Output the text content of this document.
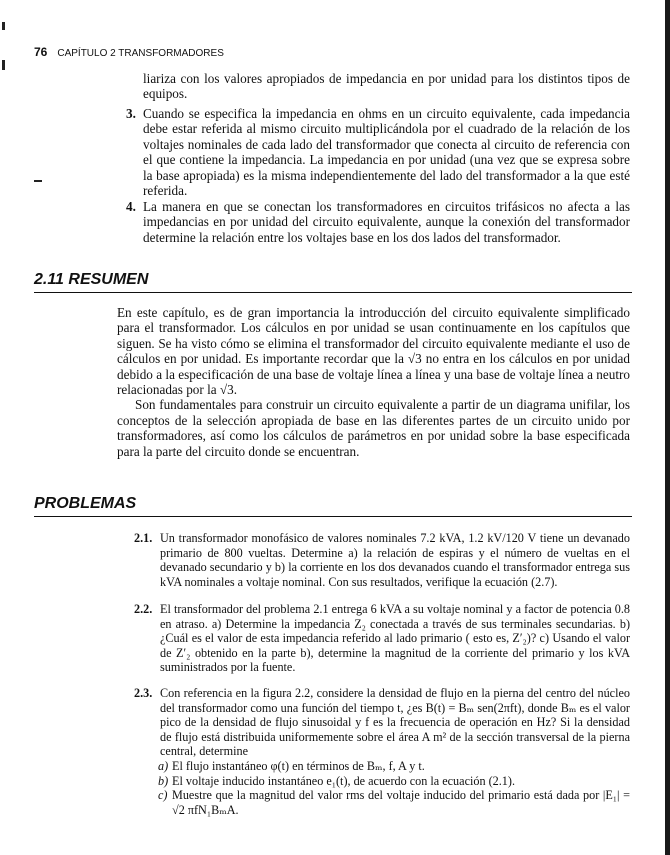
76 CAPÍTULO 2 TRANSFORMADORES
liariza con los valores apropiados de impedancia en por unidad para los distintos tipos de equipos.
3. Cuando se especifica la impedancia en ohms en un circuito equivalente, cada impedancia debe estar referida al mismo circuito multiplicándola por el cuadrado de la relación de los voltajes nominales de cada lado del transformador que conecta al circuito de referencia con el que contiene la impedancia. La impedancia en por unidad (una vez que se expresa sobre la base apropiada) es la misma independientemente del lado del transformador a la que esté referida.
4. La manera en que se conectan los transformadores en circuitos trifásicos no afecta a las impedancias en por unidad del circuito equivalente, aunque la conexión del transformador determine la relación entre los voltajes base en los dos lados del transformador.
2.11 RESUMEN
En este capítulo, es de gran importancia la introducción del circuito equivalente simplificado para el transformador. Los cálculos en por unidad se usan continuamente en los capítulos que siguen. Se ha visto cómo se elimina el transformador del circuito equivalente mediante el uso de cálculos en por unidad. Es importante recordar que la √3 no entra en los cálculos en por unidad debido a la especificación de una base de voltaje línea a línea y una base de voltaje línea a neutro relacionadas por la √3.
Son fundamentales para construir un circuito equivalente a partir de un diagrama unifilar, los conceptos de la selección apropiada de base en las diferentes partes de un circuito unido por transformadores, así como los cálculos de parámetros en por unidad sobre la base especificada para la parte del circuito donde se encuentran.
PROBLEMAS
2.1. Un transformador monofásico de valores nominales 7.2 kVA, 1.2 kV/120 V tiene un devanado primario de 800 vueltas. Determine a) la relación de espiras y el número de vueltas en el devanado secundario y b) la corriente en los dos devanados cuando el transformador entrega sus kVA nominales a voltaje nominal. Con sus resultados, verifique la ecuación (2.7).
2.2. El transformador del problema 2.1 entrega 6 kVA a su voltaje nominal y a factor de potencia 0.8 en atraso. a) Determine la impedancia Z₂ conectada a través de sus terminales secundarias. b) ¿Cuál es el valor de esta impedancia referido al lado primario ( esto es, Z′₂)? c) Usando el valor de Z′₂ obtenido en la parte b), determine la magnitud de la corriente del primario y los kVA suministrados por la fuente.
2.3. Con referencia en la figura 2.2, considere la densidad de flujo en la pierna del centro del núcleo del transformador como una función del tiempo t, ¿es B(t) = Bₘ sen(2πft), donde Bₘ es el valor pico de la densidad de flujo sinusoidal y f es la frecuencia de operación en Hz? Si la densidad de flujo está distribuida uniformemente sobre el área A m² de la sección transversal de la pierna central, determine
a) El flujo instantáneo φ(t) en términos de Bₘ, f, A y t.
b) El voltaje inducido instantáneo e₁(t), de acuerdo con la ecuación (2.1).
c) Muestre que la magnitud del valor rms del voltaje inducido del primario está dada por |E₁| = √2 πfN₁BₘA.
